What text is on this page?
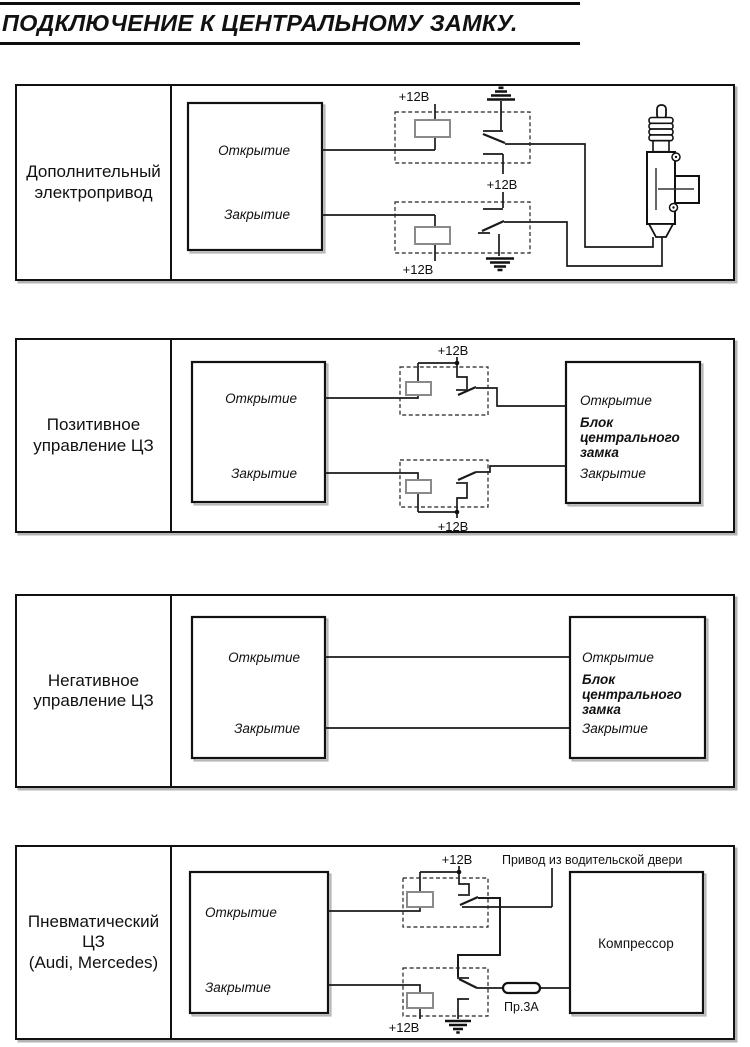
ПОДКЛЮЧЕНИЕ К ЦЕНТРАЛЬНОМУ ЗАМКУ.
Дополнительный
электропривод
Открытие
Закрытие
+12В
+12В
+12В
Позитивное
управление ЦЗ
Открытие
Закрытие
+12В
+12В
Открытие
Блок
центрального
замка
Закрытие
Негативное
управление ЦЗ
Открытие
Закрытие
Открытие
Блок
центрального
замка
Закрытие
Пневматический
ЦЗ
(Audi, Mercedes)
Открытие
Закрытие
+12В Привод из водительской двери
+12В
Пр.3А
Компрессор
